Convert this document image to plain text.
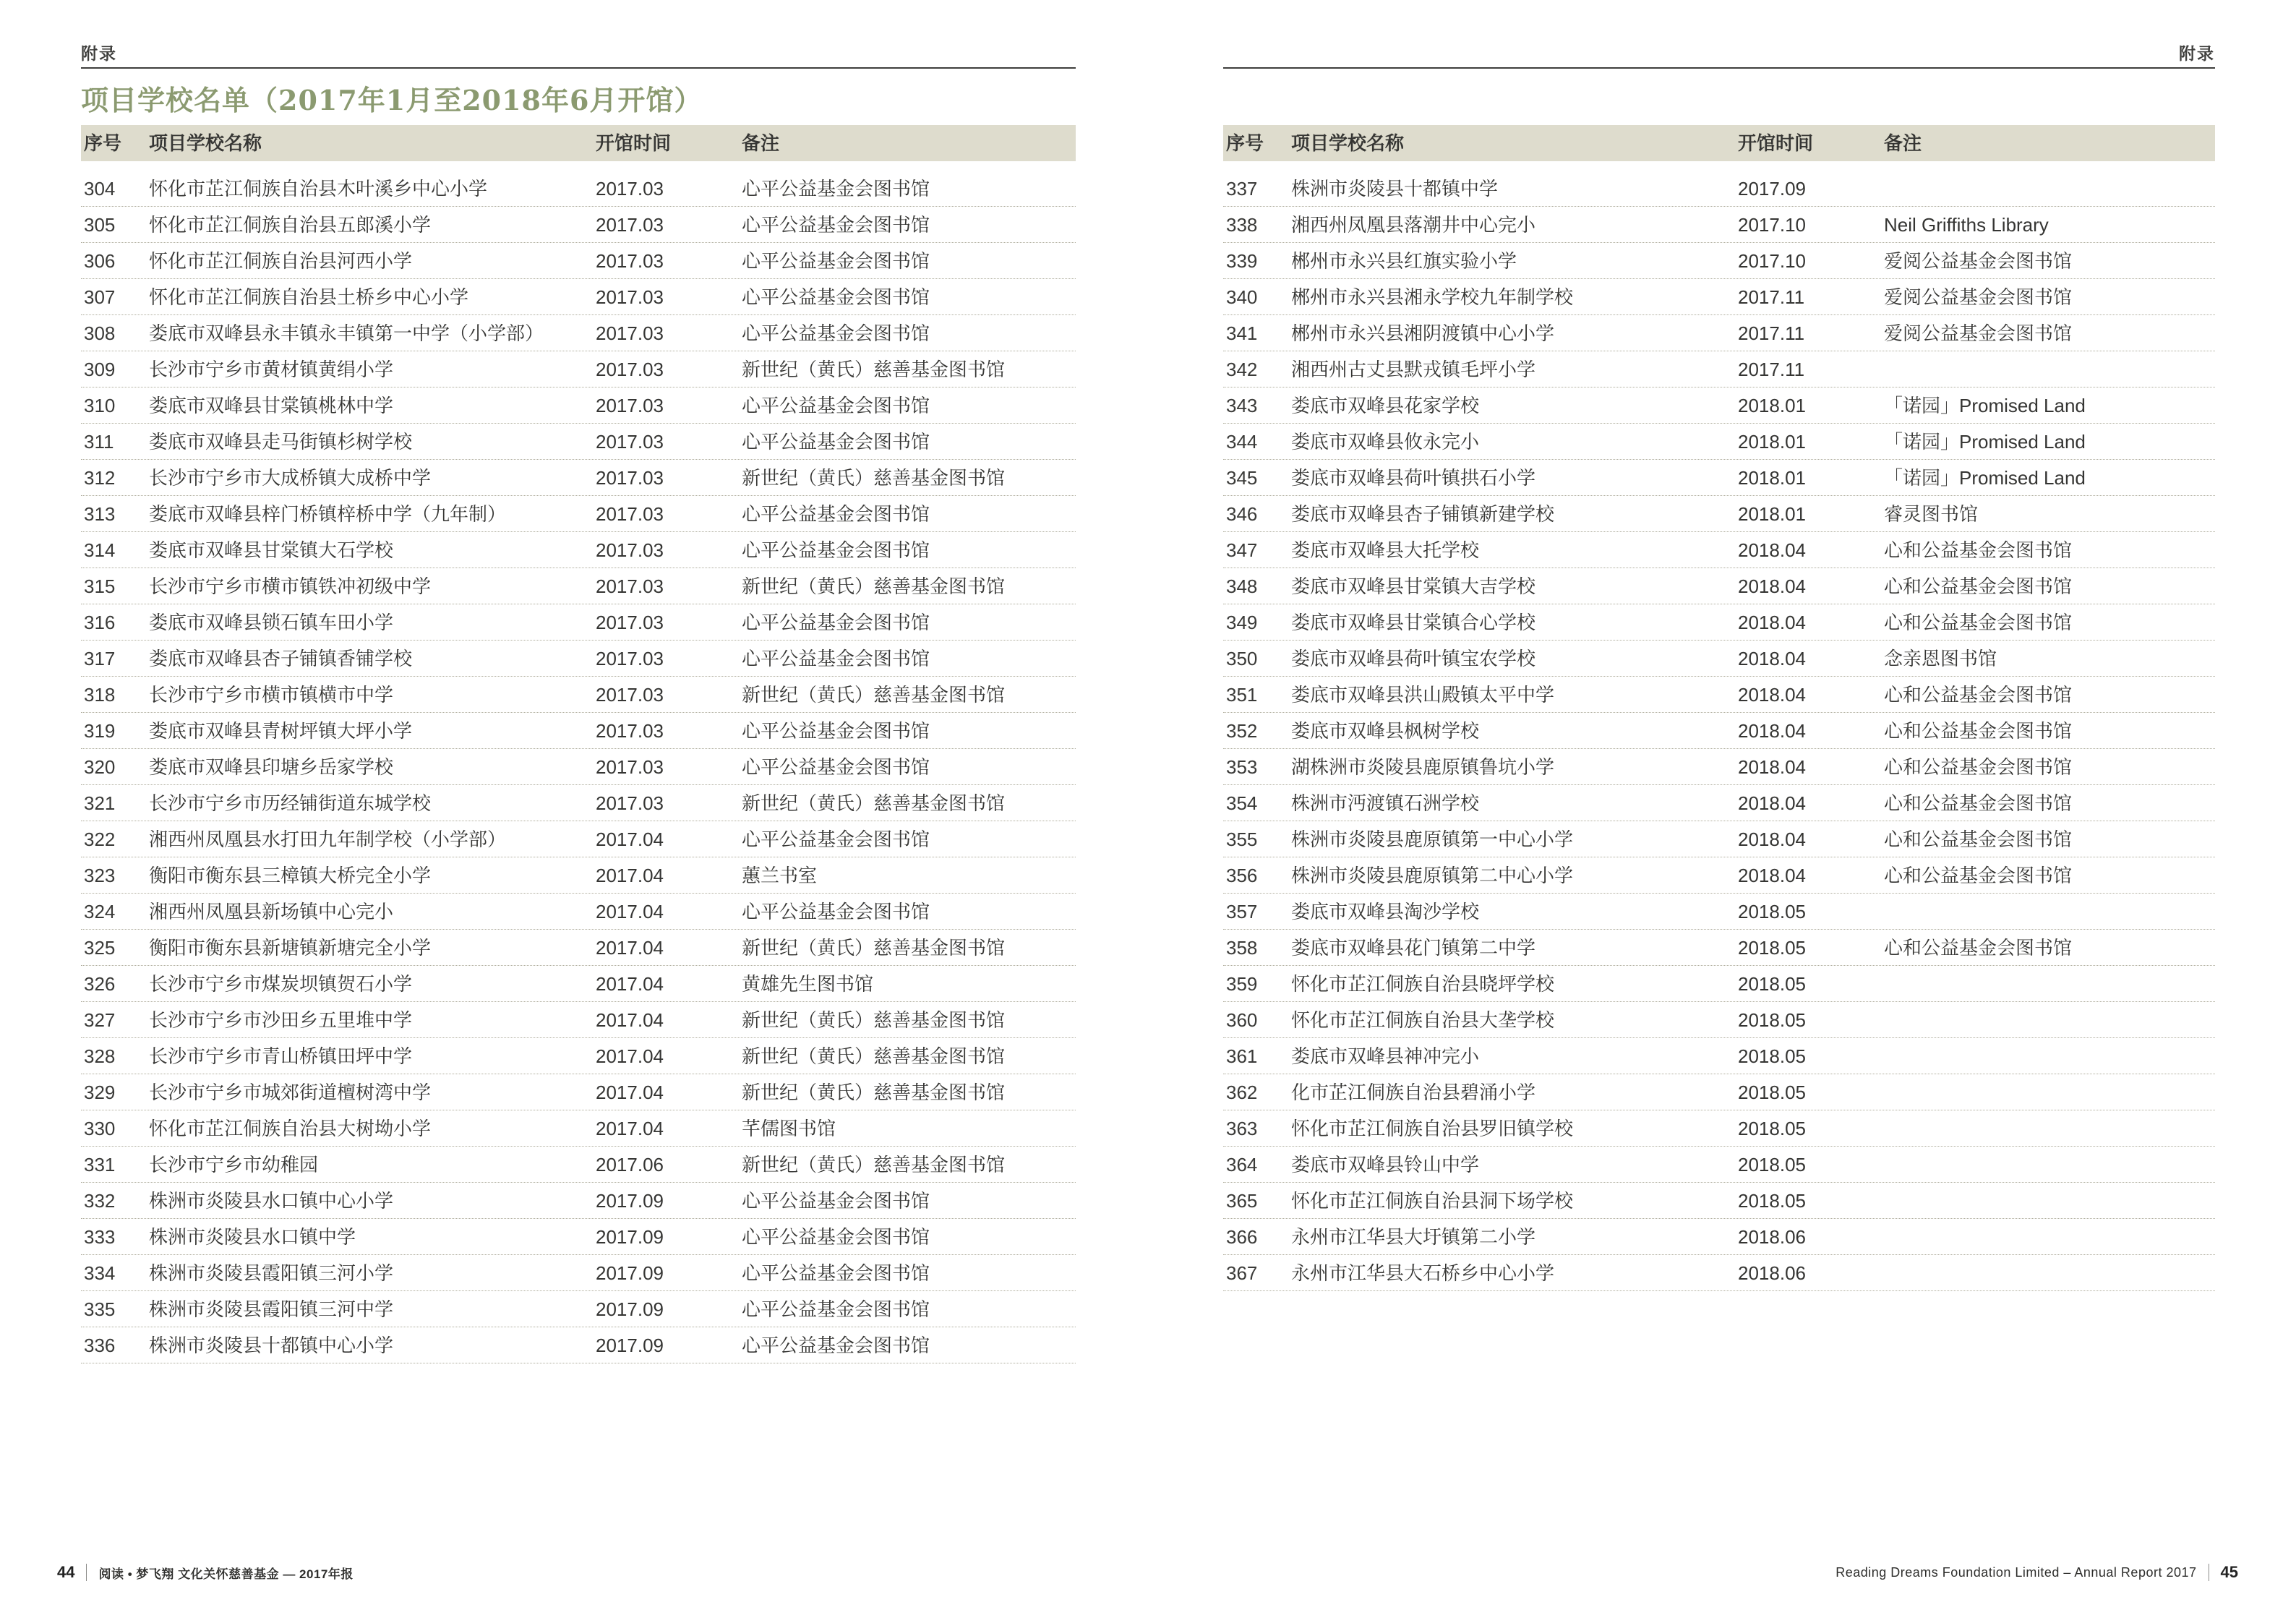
附录	附录
项目学校名单（2017年1月至2018年6月开馆）
序号	项目学校名称	开馆时间	备注	序号	项目学校名称	开馆时间	备注
304	怀化市芷江侗族自治县木叶溪乡中心小学	2017.03	心平公益基金会图书馆
305	怀化市芷江侗族自治县五郎溪小学	2017.03	心平公益基金会图书馆
306	怀化市芷江侗族自治县河西小学	2017.03	心平公益基金会图书馆
307	怀化市芷江侗族自治县土桥乡中心小学	2017.03	心平公益基金会图书馆
308	娄底市双峰县永丰镇永丰镇第一中学（小学部）	2017.03	心平公益基金会图书馆
309	长沙市宁乡市黄材镇黄绢小学	2017.03	新世纪（黄氏）慈善基金图书馆
310	娄底市双峰县甘棠镇桃林中学	2017.03	心平公益基金会图书馆
311	娄底市双峰县走马街镇杉树学校	2017.03	心平公益基金会图书馆
312	长沙市宁乡市大成桥镇大成桥中学	2017.03	新世纪（黄氏）慈善基金图书馆
313	娄底市双峰县梓门桥镇梓桥中学（九年制）	2017.03	心平公益基金会图书馆
314	娄底市双峰县甘棠镇大石学校	2017.03	心平公益基金会图书馆
315	长沙市宁乡市横市镇铁冲初级中学	2017.03	新世纪（黄氏）慈善基金图书馆
316	娄底市双峰县锁石镇车田小学	2017.03	心平公益基金会图书馆
317	娄底市双峰县杏子铺镇香铺学校	2017.03	心平公益基金会图书馆
318	长沙市宁乡市横市镇横市中学	2017.03	新世纪（黄氏）慈善基金图书馆
319	娄底市双峰县青树坪镇大坪小学	2017.03	心平公益基金会图书馆
320	娄底市双峰县印塘乡岳家学校	2017.03	心平公益基金会图书馆
321	长沙市宁乡市历经铺街道东城学校	2017.03	新世纪（黄氏）慈善基金图书馆
322	湘西州凤凰县水打田九年制学校（小学部）	2017.04	心平公益基金会图书馆
323	衡阳市衡东县三樟镇大桥完全小学	2017.04	蕙兰书室
324	湘西州凤凰县新场镇中心完小	2017.04	心平公益基金会图书馆
325	衡阳市衡东县新塘镇新塘完全小学	2017.04	新世纪（黄氏）慈善基金图书馆
326	长沙市宁乡市煤炭坝镇贺石小学	2017.04	黄雄先生图书馆
327	长沙市宁乡市沙田乡五里堆中学	2017.04	新世纪（黄氏）慈善基金图书馆
328	长沙市宁乡市青山桥镇田坪中学	2017.04	新世纪（黄氏）慈善基金图书馆
329	长沙市宁乡市城郊街道檀树湾中学	2017.04	新世纪（黄氏）慈善基金图书馆
330	怀化市芷江侗族自治县大树坳小学	2017.04	芊儒图书馆
331	长沙市宁乡市幼稚园	2017.06	新世纪（黄氏）慈善基金图书馆
332	株洲市炎陵县水口镇中心小学	2017.09	心平公益基金会图书馆
333	株洲市炎陵县水口镇中学	2017.09	心平公益基金会图书馆
334	株洲市炎陵县霞阳镇三河小学	2017.09	心平公益基金会图书馆
335	株洲市炎陵县霞阳镇三河中学	2017.09	心平公益基金会图书馆
336	株洲市炎陵县十都镇中心小学	2017.09	心平公益基金会图书馆
337	株洲市炎陵县十都镇中学	2017.09
338	湘西州凤凰县落潮井中心完小	2017.10	Neil Griffiths Library
339	郴州市永兴县红旗实验小学	2017.10	爱阅公益基金会图书馆
340	郴州市永兴县湘永学校九年制学校	2017.11	爱阅公益基金会图书馆
341	郴州市永兴县湘阴渡镇中心小学	2017.11	爱阅公益基金会图书馆
342	湘西州古丈县默戎镇毛坪小学	2017.11
343	娄底市双峰县花家学校	2018.01	「诺园」Promised Land
344	娄底市双峰县攸永完小	2018.01	「诺园」Promised Land
345	娄底市双峰县荷叶镇拱石小学	2018.01	「诺园」Promised Land
346	娄底市双峰县杏子铺镇新建学校	2018.01	睿灵图书馆
347	娄底市双峰县大托学校	2018.04	心和公益基金会图书馆
348	娄底市双峰县甘棠镇大吉学校	2018.04	心和公益基金会图书馆
349	娄底市双峰县甘棠镇合心学校	2018.04	心和公益基金会图书馆
350	娄底市双峰县荷叶镇宝农学校	2018.04	念亲恩图书馆
351	娄底市双峰县洪山殿镇太平中学	2018.04	心和公益基金会图书馆
352	娄底市双峰县枫树学校	2018.04	心和公益基金会图书馆
353	湖株洲市炎陵县鹿原镇鲁坑小学	2018.04	心和公益基金会图书馆
354	株洲市沔渡镇石洲学校	2018.04	心和公益基金会图书馆
355	株洲市炎陵县鹿原镇第一中心小学	2018.04	心和公益基金会图书馆
356	株洲市炎陵县鹿原镇第二中心小学	2018.04	心和公益基金会图书馆
357	娄底市双峰县淘沙学校	2018.05
358	娄底市双峰县花门镇第二中学	2018.05	心和公益基金会图书馆
359	怀化市芷江侗族自治县晓坪学校	2018.05
360	怀化市芷江侗族自治县大垄学校	2018.05
361	娄底市双峰县神冲完小	2018.05
362	化市芷江侗族自治县碧涌小学	2018.05
363	怀化市芷江侗族自治县罗旧镇学校	2018.05
364	娄底市双峰县铃山中学	2018.05
365	怀化市芷江侗族自治县洞下场学校	2018.05
366	永州市江华县大圩镇第二小学	2018.06
367	永州市江华县大石桥乡中心小学	2018.06
44 阅读 • 梦飞翔 文化关怀慈善基金 — 2017年报	Reading Dreams Foundation Limited – Annual Report 2017 45
